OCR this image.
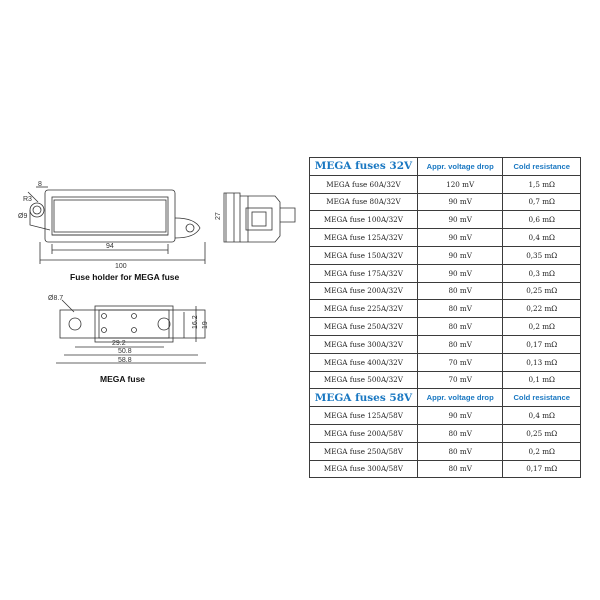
R3
Ø9
8
94
100
27
Ø8.7
29.2
50.8
58.8
16.2 19
Fuse holder for MEGA fuse
MEGA fuse
MEGA fuses 32V	Appr. voltage drop	Cold resistance
MEGA fuse 60A/32V	120 mV	1,5 mΩ
MEGA fuse 80A/32V	90 mV	0,7 mΩ
MEGA fuse 100A/32V	90 mV	0,6 mΩ
MEGA fuse 125A/32V	90 mV	0,4 mΩ
MEGA fuse 150A/32V	90 mV	0,35 mΩ
MEGA fuse 175A/32V	90 mV	0,3 mΩ
MEGA fuse 200A/32V	80 mV	0,25 mΩ
MEGA fuse 225A/32V	80 mV	0,22 mΩ
MEGA fuse 250A/32V	80 mV	0,2 mΩ
MEGA fuse 300A/32V	80 mV	0,17 mΩ
MEGA fuse 400A/32V	70 mV	0,13 mΩ
MEGA fuse 500A/32V	70 mV	0,1 mΩ
MEGA fuses 58V	Appr. voltage drop	Cold resistance
MEGA fuse 125A/58V	90 mV	0,4 mΩ
MEGA fuse 200A/58V	80 mV	0,25 mΩ
MEGA fuse 250A/58V	80 mV	0,2 mΩ
MEGA fuse 300A/58V	80 mV	0,17 mΩ
